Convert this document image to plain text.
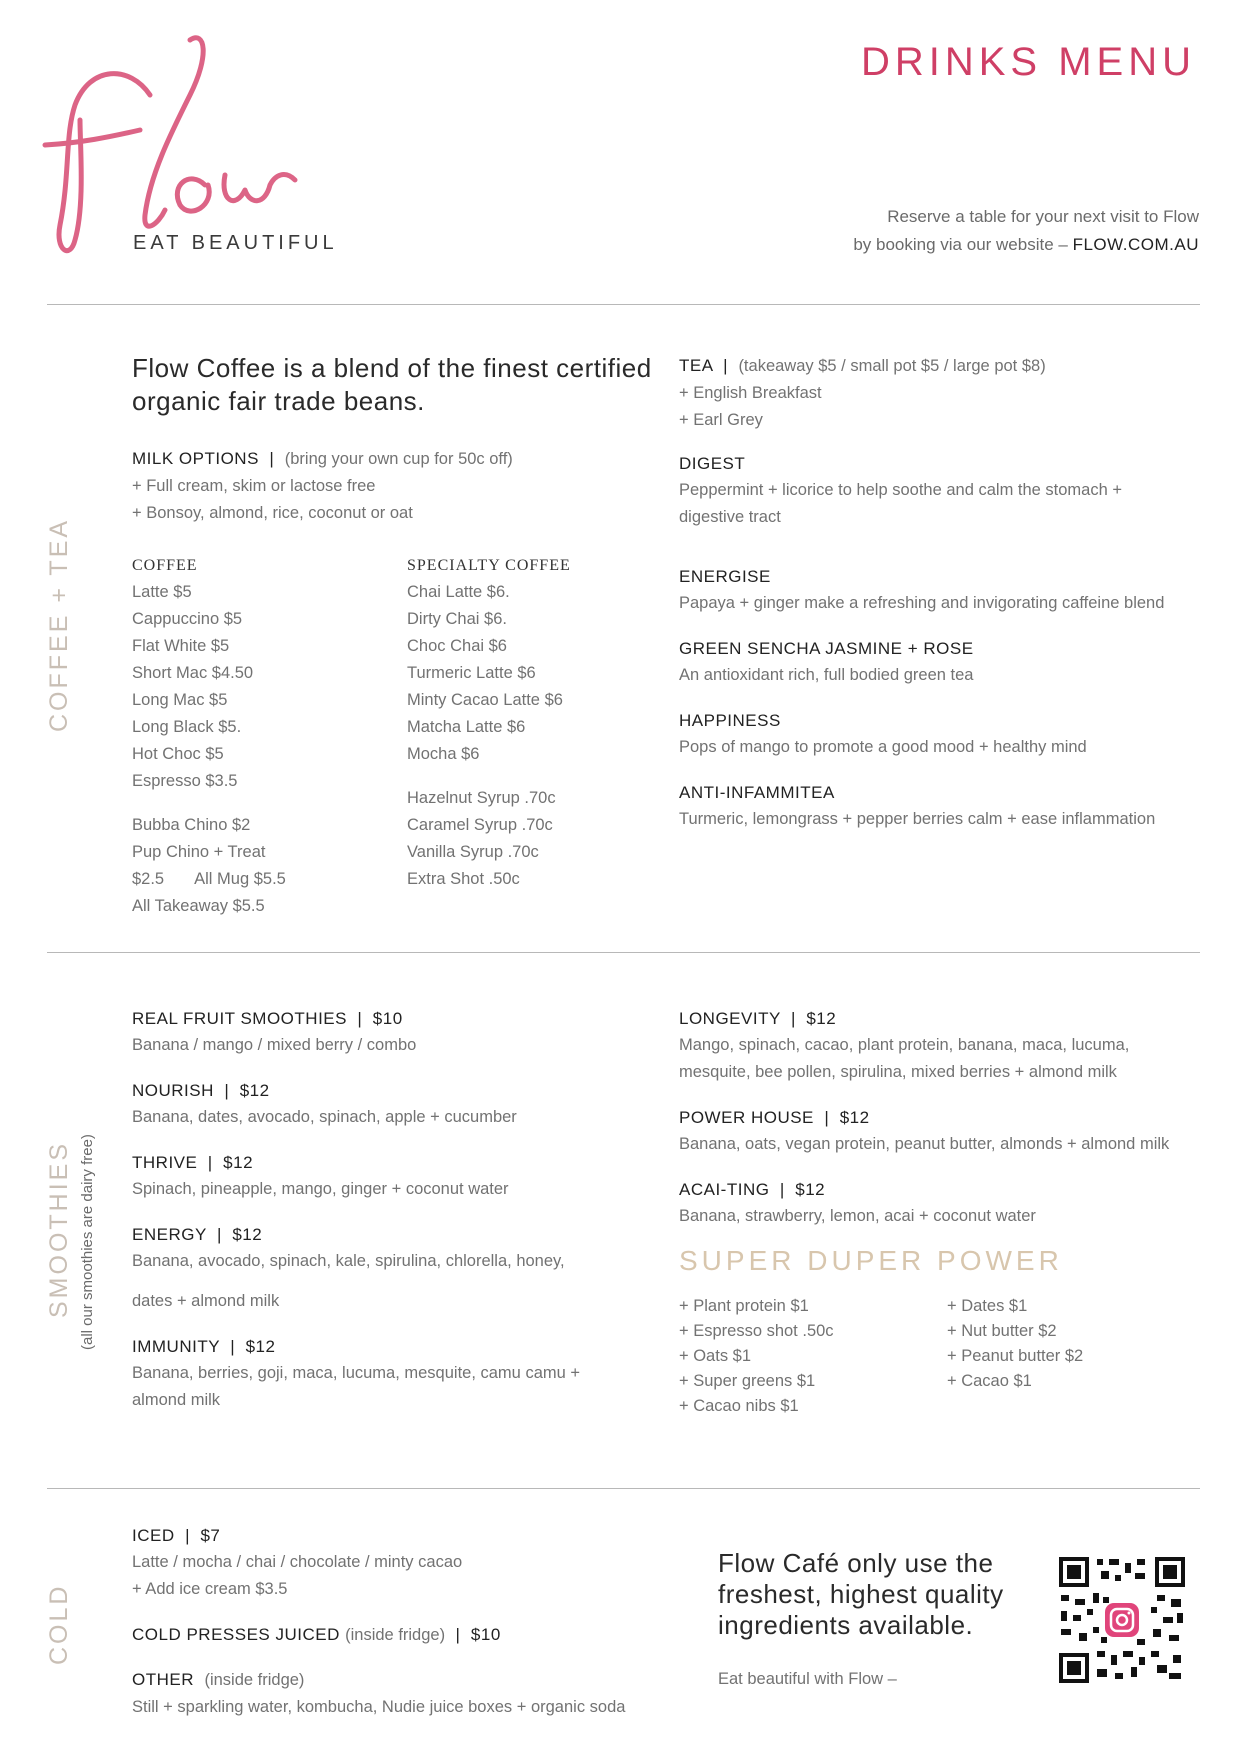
EAT BEAUTIFUL
DRINKS MENU
Reserve a table for your next visit to Flow
by booking via our website – FLOW.COM.AU
COFFEE + TEA
Flow Coffee is a blend of the finest certified organic fair trade beans.
MILK OPTIONS  |  (bring your own cup for 50c off)
+ Full cream, skim or lactose free
+ Bonsoy, almond, rice, coconut or oat
COFFEE
Latte $5
Cappuccino $5
Flat White $5
Short Mac $4.50
Long Mac $5
Long Black $5.
Hot Choc $5
Espresso $3.5
Bubba Chino $2
Pup Chino + Treat
$2.5 All Mug $5.5
All Takeaway $5.5
SPECIALTY COFFEE
Chai Latte $6.
Dirty Chai $6.
Choc Chai $6
Turmeric Latte $6
Minty Cacao Latte $6
Matcha Latte $6
Mocha $6
Hazelnut Syrup .70c
Caramel Syrup .70c
Vanilla Syrup .70c
Extra Shot .50c
TEA  |  (takeaway $5 / small pot $5 / large pot $8)
+ English Breakfast
+ Earl Grey
DIGEST
Peppermint + licorice to help soothe and calm the stomach + digestive tract
ENERGISE
Papaya + ginger make a refreshing and invigorating caffeine blend
GREEN SENCHA JASMINE + ROSE
An antioxidant rich, full bodied green tea
HAPPINESS
Pops of mango to promote a good mood + healthy mind
ANTI-INFAMMITEA
Turmeric, lemongrass + pepper berries calm + ease inflammation
SMOOTHIES (all our smoothies are dairy free)
REAL FRUIT SMOOTHIES  |  $10
Banana / mango / mixed berry / combo
NOURISH  |  $12
Banana, dates, avocado, spinach, apple + cucumber
THRIVE  |  $12
Spinach, pineapple, mango, ginger + coconut water
ENERGY  |  $12
Banana, avocado, spinach, kale, spirulina, chlorella, honey,
dates + almond milk
IMMUNITY  |  $12
Banana, berries, goji, maca, lucuma, mesquite, camu camu +
almond milk
LONGEVITY  |  $12
Mango, spinach, cacao, plant protein, banana, maca, lucuma,
mesquite, bee pollen, spirulina, mixed berries + almond milk
POWER HOUSE  |  $12
Banana, oats, vegan protein, peanut butter, almonds + almond milk
ACAI-TING  |  $12
Banana, strawberry, lemon, acai + coconut water
SUPER DUPER POWER
+ Plant protein $1
+ Espresso shot .50c
+ Oats $1
+ Super greens $1
+ Cacao nibs $1
+ Dates $1
+ Nut butter $2
+ Peanut butter $2
+ Cacao $1
COLD
ICED  |  $7
Latte / mocha / chai / chocolate / minty cacao
+ Add ice cream $3.5
COLD PRESSES JUICED (inside fridge)  |  $10
OTHER (inside fridge)
Still + sparkling water, kombucha, Nudie juice boxes + organic soda
Flow Café only use the freshest, highest quality ingredients available.
Eat beautiful with Flow –
